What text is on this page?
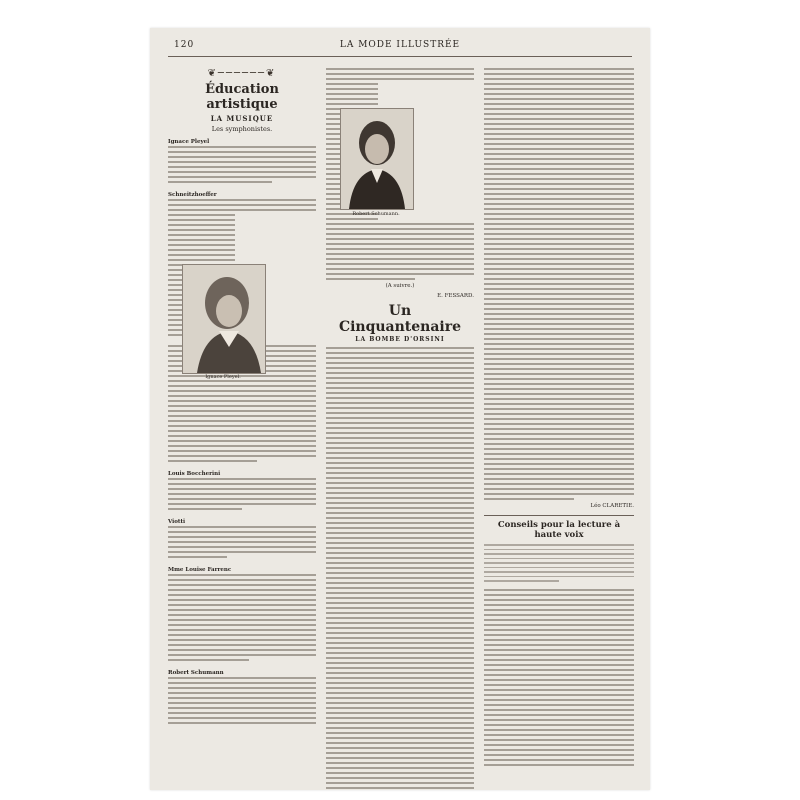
120	LA MODE ILLUSTRÉE
❦──────❦
Éducation artistique
LA MUSIQUE
Les symphonistes.
Ignace Pleyel
Schneitzhoeffer
Louis Boccherini
Viotti
Mme Louise Farrenc
Robert Schumann
Ignace Pleyel.
(A suivre.)
E. FESSARD.
Un Cinquantenaire
LA BOMBE D'ORSINI
Robert Schumann.
Léo CLARETIE.
Conseils pour la lecture à haute voix
